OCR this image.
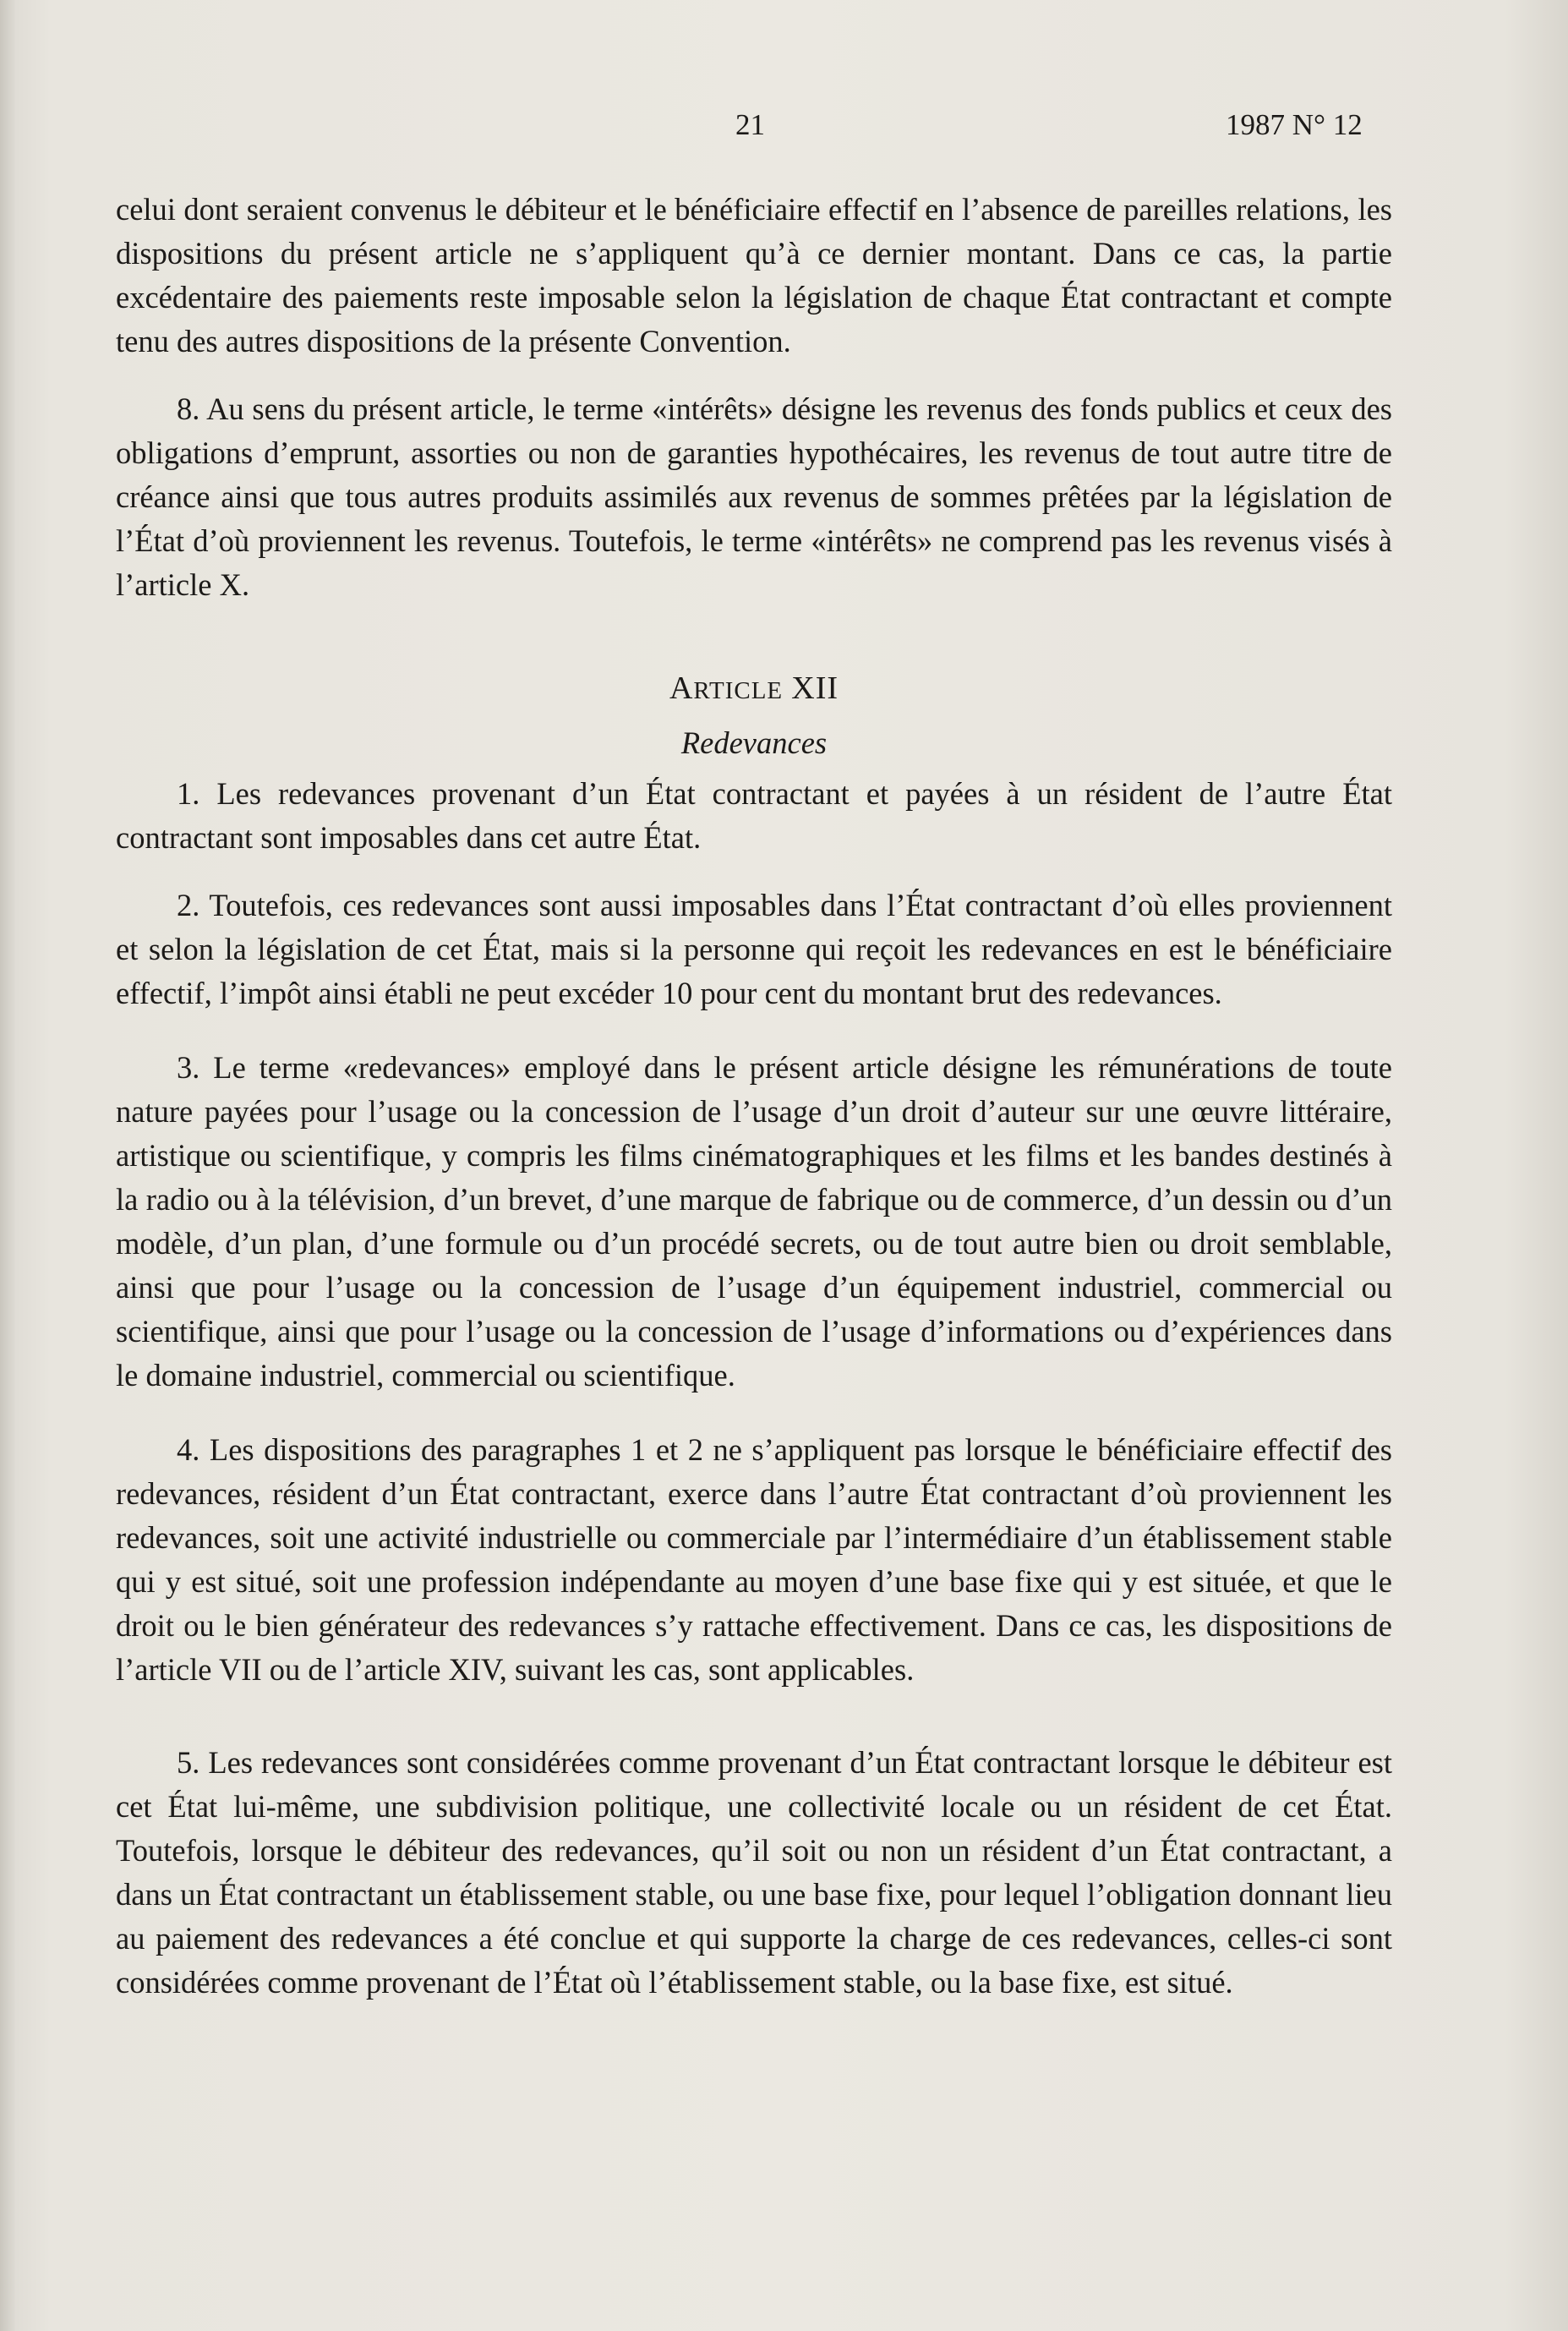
21	1987 N° 12

celui dont seraient convenus le débiteur et le bénéficiaire effectif en l’absence de pareilles relations, les dispositions du présent article ne s’appliquent qu’à ce dernier montant. Dans ce cas, la partie excédentaire des paiements reste imposable selon la législation de chaque État contractant et compte tenu des autres dispositions de la présente Convention.

8. Au sens du présent article, le terme «intérêts» désigne les revenus des fonds publics et ceux des obligations d’emprunt, assorties ou non de garanties hypothécaires, les revenus de tout autre titre de créance ainsi que tous autres produits assimilés aux revenus de sommes prêtées par la législation de l’État d’où proviennent les revenus. Toutefois, le terme «intérêts» ne comprend pas les revenus visés à l’article X.

ARTICLE XII

Redevances

1. Les redevances provenant d’un État contractant et payées à un résident de l’autre État contractant sont imposables dans cet autre État.

2. Toutefois, ces redevances sont aussi imposables dans l’État contractant d’où elles proviennent et selon la législation de cet État, mais si la personne qui reçoit les redevances en est le bénéficiaire effectif, l’impôt ainsi établi ne peut excéder 10 pour cent du montant brut des redevances.

3. Le terme «redevances» employé dans le présent article désigne les rémunérations de toute nature payées pour l’usage ou la concession de l’usage d’un droit d’auteur sur une œuvre littéraire, artistique ou scientifique, y compris les films cinématographiques et les films et les bandes destinés à la radio ou à la télévision, d’un brevet, d’une marque de fabrique ou de commerce, d’un dessin ou d’un modèle, d’un plan, d’une formule ou d’un procédé secrets, ou de tout autre bien ou droit semblable, ainsi que pour l’usage ou la concession de l’usage d’un équipement industriel, commercial ou scientifique, ainsi que pour l’usage ou la concession de l’usage d’informations ou d’expériences dans le domaine industriel, commercial ou scientifique.

4. Les dispositions des paragraphes 1 et 2 ne s’appliquent pas lorsque le bénéficiaire effectif des redevances, résident d’un État contractant, exerce dans l’autre État contractant d’où proviennent les redevances, soit une activité industrielle ou commerciale par l’intermédiaire d’un établissement stable qui y est situé, soit une profession indépendante au moyen d’une base fixe qui y est située, et que le droit ou le bien générateur des redevances s’y rattache effectivement. Dans ce cas, les dispositions de l’article VII ou de l’article XIV, suivant les cas, sont applicables.

5. Les redevances sont considérées comme provenant d’un État contractant lorsque le débiteur est cet État lui-même, une subdivision politique, une collectivité locale ou un résident de cet État. Toutefois, lorsque le débiteur des redevances, qu’il soit ou non un résident d’un État contractant, a dans un État contractant un établissement stable, ou une base fixe, pour lequel l’obligation donnant lieu au paiement des redevances a été conclue et qui supporte la charge de ces redevances, celles-ci sont considérées comme provenant de l’État où l’établissement stable, ou la base fixe, est situé.
